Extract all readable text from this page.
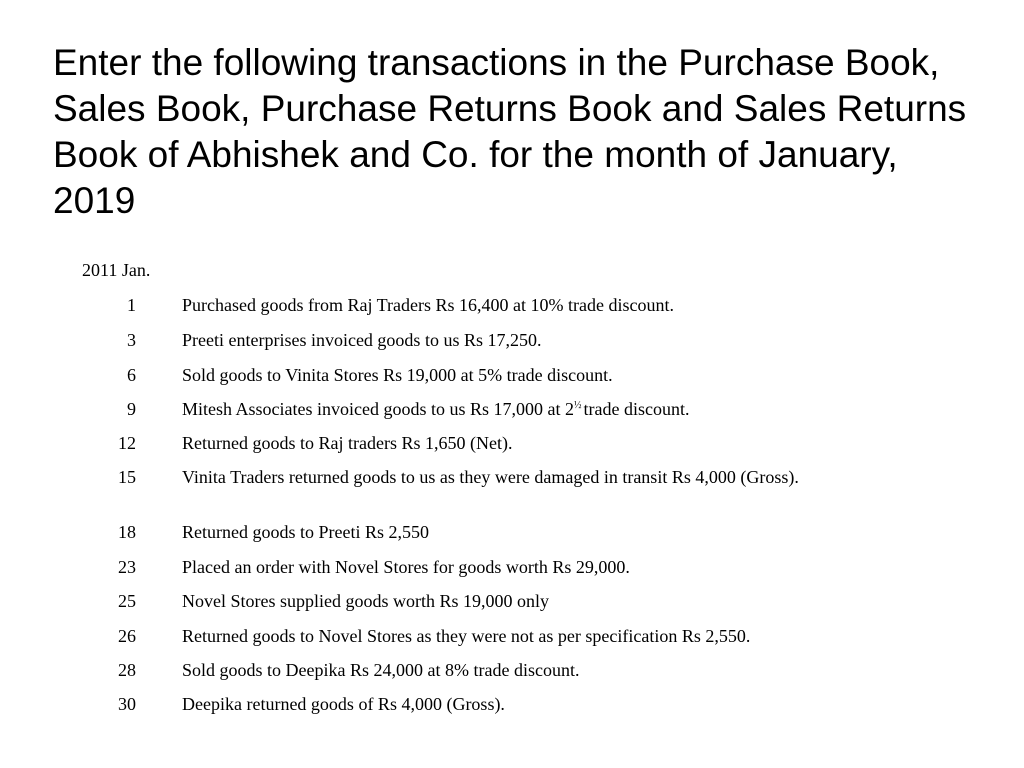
Enter the following transactions in the Purchase Book, Sales Book, Purchase Returns Book and Sales Returns Book of Abhishek and Co. for the month of January, 2019
2011 Jan.
1	Purchased goods from Raj Traders Rs 16,400 at 10% trade discount.
3	Preeti enterprises invoiced goods to us Rs 17,250.
6	Sold goods to Vinita Stores Rs 19,000 at 5% trade discount.
9	Mitesh Associates invoiced goods to us Rs 17,000 at $2^{\frac{1}{2}}$ trade discount.
12	Returned goods to Raj traders Rs 1,650 (Net).
15	Vinita Traders returned goods to us as they were damaged in transit Rs 4,000 (Gross).
18	Returned goods to Preeti Rs 2,550
23	Placed an order with Novel Stores for goods worth Rs 29,000.
25	Novel Stores supplied goods worth Rs 19,000 only
26	Returned goods to Novel Stores as they were not as per specification Rs 2,550.
28	Sold goods to Deepika Rs 24,000 at 8% trade discount.
30	Deepika returned goods of Rs 4,000 (Gross).
